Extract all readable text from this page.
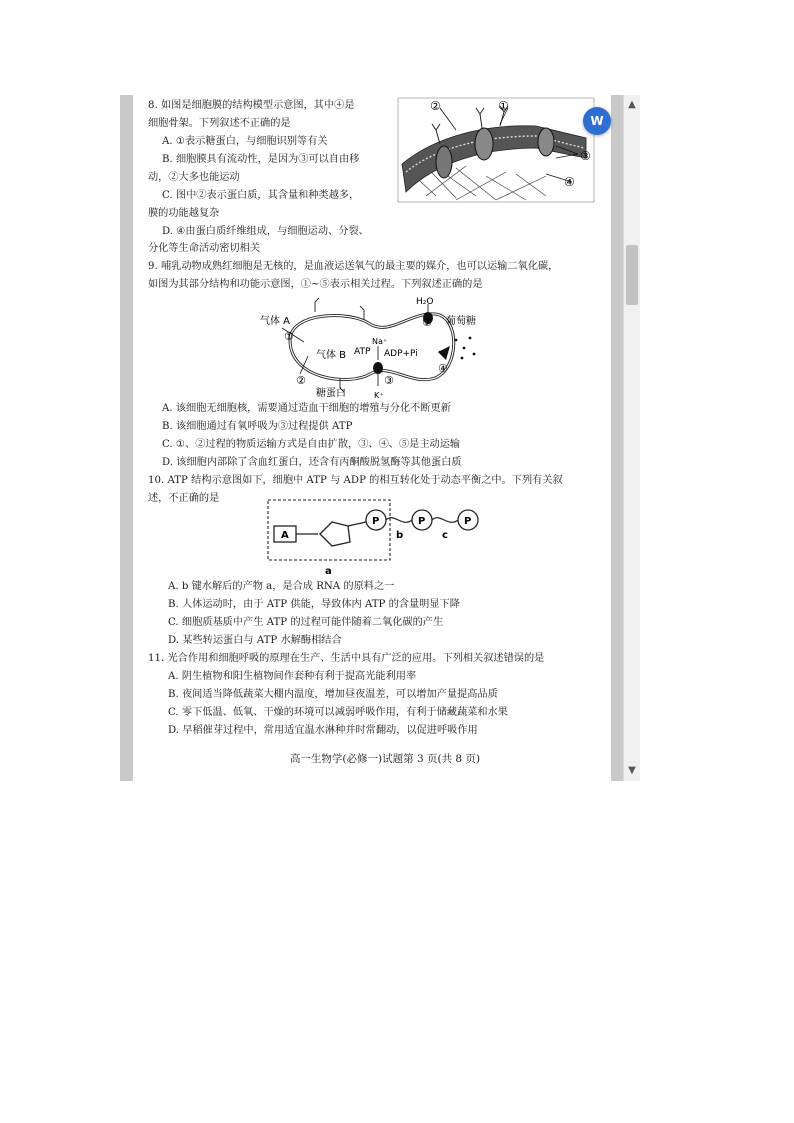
8. 如图是细胞膜的结构模型示意图，其中④是
细胞骨架。下列叙述不正确的是
A. ①表示糖蛋白，与细胞识别等有关
B. 细胞膜具有流动性，是因为③可以自由移
动，②大多也能运动
C. 图中②表示蛋白质，其含量和种类越多，
膜的功能越复杂
D. ④由蛋白质纤维组成，与细胞运动、分裂、
分化等生命活动密切相关
②	①
③
④
9. 哺乳动物成熟红细胞是无核的，是血液运送氧气的最主要的媒介，也可以运输二氧化碳，
如图为其部分结构和功能示意图，①~⑤表示相关过程。下列叙述正确的是
气体 A
①
气体 B ATP
Na⁺
ADP+Pi
H₂O
⑤ 葡萄糖
④
③
K⁺
②
糖蛋白
A. 该细胞无细胞核，需要通过造血干细胞的增殖与分化不断更新
B. 该细胞通过有氧呼吸为③过程提供 ATP
C. ①、②过程的物质运输方式是自由扩散，③、④、⑤是主动运输
D. 该细胞内部除了含血红蛋白，还含有丙酮酸脱氢酶等其他蛋白质
10. ATP 结构示意图如下，细胞中 ATP 与 ADP 的相互转化处于动态平衡之中。下列有关叙
述，不正确的是
A
P	P	P
b	c
a
A. b 键水解后的产物 a，是合成 RNA 的原料之一
B. 人体运动时，由于 ATP 供能，导致体内 ATP 的含量明显下降
C. 细胞质基质中产生 ATP 的过程可能伴随着二氧化碳的产生
D. 某些转运蛋白与 ATP 水解酶相结合
11. 光合作用和细胞呼吸的原理在生产、生活中具有广泛的应用。下列相关叙述错误的是
A. 阴生植物和阳生植物间作套种有利于提高光能利用率
B. 夜间适当降低蔬菜大棚内温度，增加昼夜温差，可以增加产量提高品质
C. 零下低温、低氧、干燥的环境可以减弱呼吸作用，有利于储藏蔬菜和水果
D. 早稻催芽过程中，常用适宜温水淋种并时常翻动，以促进呼吸作用
高一生物学(必修一)试题第 3 页(共 8 页)
▲
▼
W
